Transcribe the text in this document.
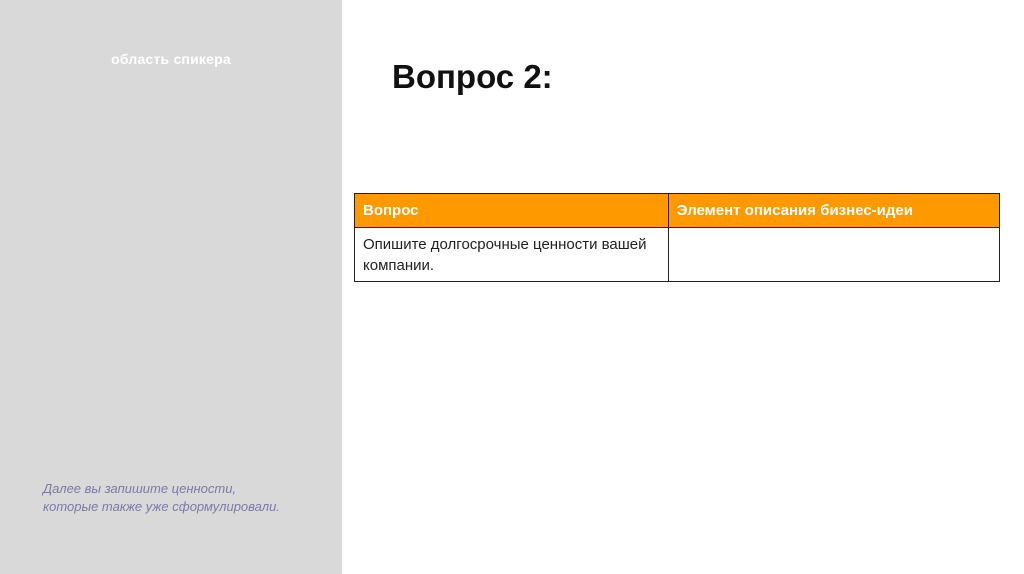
область спикера
Далее вы запишите ценности, которые также уже сформулировали.
Вопрос 2:
Вопрос	Элемент описания бизнес-идеи
Опишите долгосрочные ценности вашей компании.	
